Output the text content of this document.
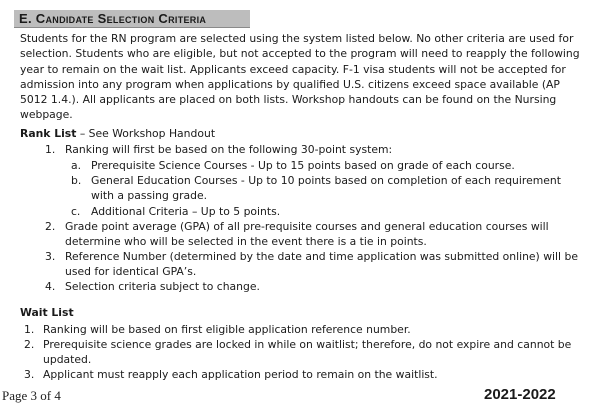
E. Candidate Selection Criteria

Students for the RN program are selected using the system listed below. No other criteria are used for selection. Students who are eligible, but not accepted to the program will need to reapply the following year to remain on the wait list. Applicants exceed capacity. F-1 visa students will not be accepted for admission into any program when applications by qualified U.S. citizens exceed space available (AP 5012 1.4.). All applicants are placed on both lists. Workshop handouts can be found on the Nursing webpage.

Rank List – See Workshop Handout

1. Ranking will first be based on the following 30-point system:
a. Prerequisite Science Courses - Up to 15 points based on grade of each course.
b. General Education Courses - Up to 10 points based on completion of each requirement with a passing grade.
c. Additional Criteria – Up to 5 points.
2. Grade point average (GPA) of all pre-requisite courses and general education courses will determine who will be selected in the event there is a tie in points.
3. Reference Number (determined by the date and time application was submitted online) will be used for identical GPA’s.
4. Selection criteria subject to change.

Wait List

1. Ranking will be based on first eligible application reference number.
2. Prerequisite science grades are locked in while on waitlist; therefore, do not expire and cannot be updated.
3. Applicant must reapply each application period to remain on the waitlist.
Page 3 of 4	2021-2022
